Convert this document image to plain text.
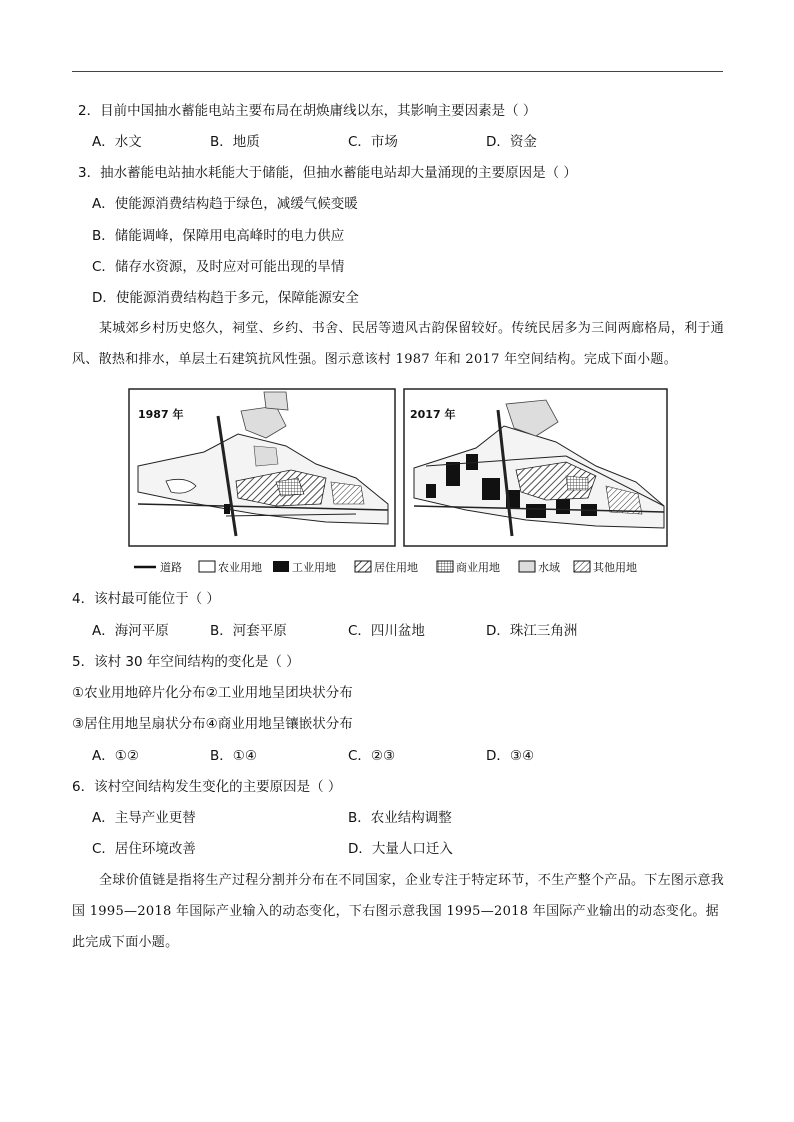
2．目前中国抽水蓄能电站主要布局在胡焕庸线以东，其影响主要因素是（ ）
A．水文	B．地质	C．市场	D．资金
3．抽水蓄能电站抽水耗能大于储能，但抽水蓄能电站却大量涌现的主要原因是（ ）
A．使能源消费结构趋于绿色，减缓气候变暖
B．储能调峰，保障用电高峰时的电力供应
C．储存水资源，及时应对可能出现的旱情
D．使能源消费结构趋于多元，保障能源安全
某城郊乡村历史悠久，祠堂、乡约、书舍、民居等遗风古韵保留较好。传统民居多为三间两廊格局，利于通风、散热和排水，单层土石建筑抗风性强。图示意该村 1987 年和 2017 年空间结构。完成下面小题。
1987 年	2017 年
道路	农业用地	工业用地	居住用地	商业用地	水域	其他用地
4．该村最可能位于（ ）
A．海河平原	B．河套平原	C．四川盆地	D．珠江三角洲
5．该村 30 年空间结构的变化是（ ）
①农业用地碎片化分布②工业用地呈团块状分布
③居住用地呈扇状分布④商业用地呈镶嵌状分布
A．①②	B．①④	C．②③	D．③④
6．该村空间结构发生变化的主要原因是（ ）
A．主导产业更替	B．农业结构调整
C．居住环境改善	D．大量人口迁入
全球价值链是指将生产过程分割并分布在不同国家，企业专注于特定环节，不生产整个产品。下左图示意我国 1995—2018 年国际产业输入的动态变化，下右图示意我国 1995—2018 年国际产业输出的动态变化。据此完成下面小题。
